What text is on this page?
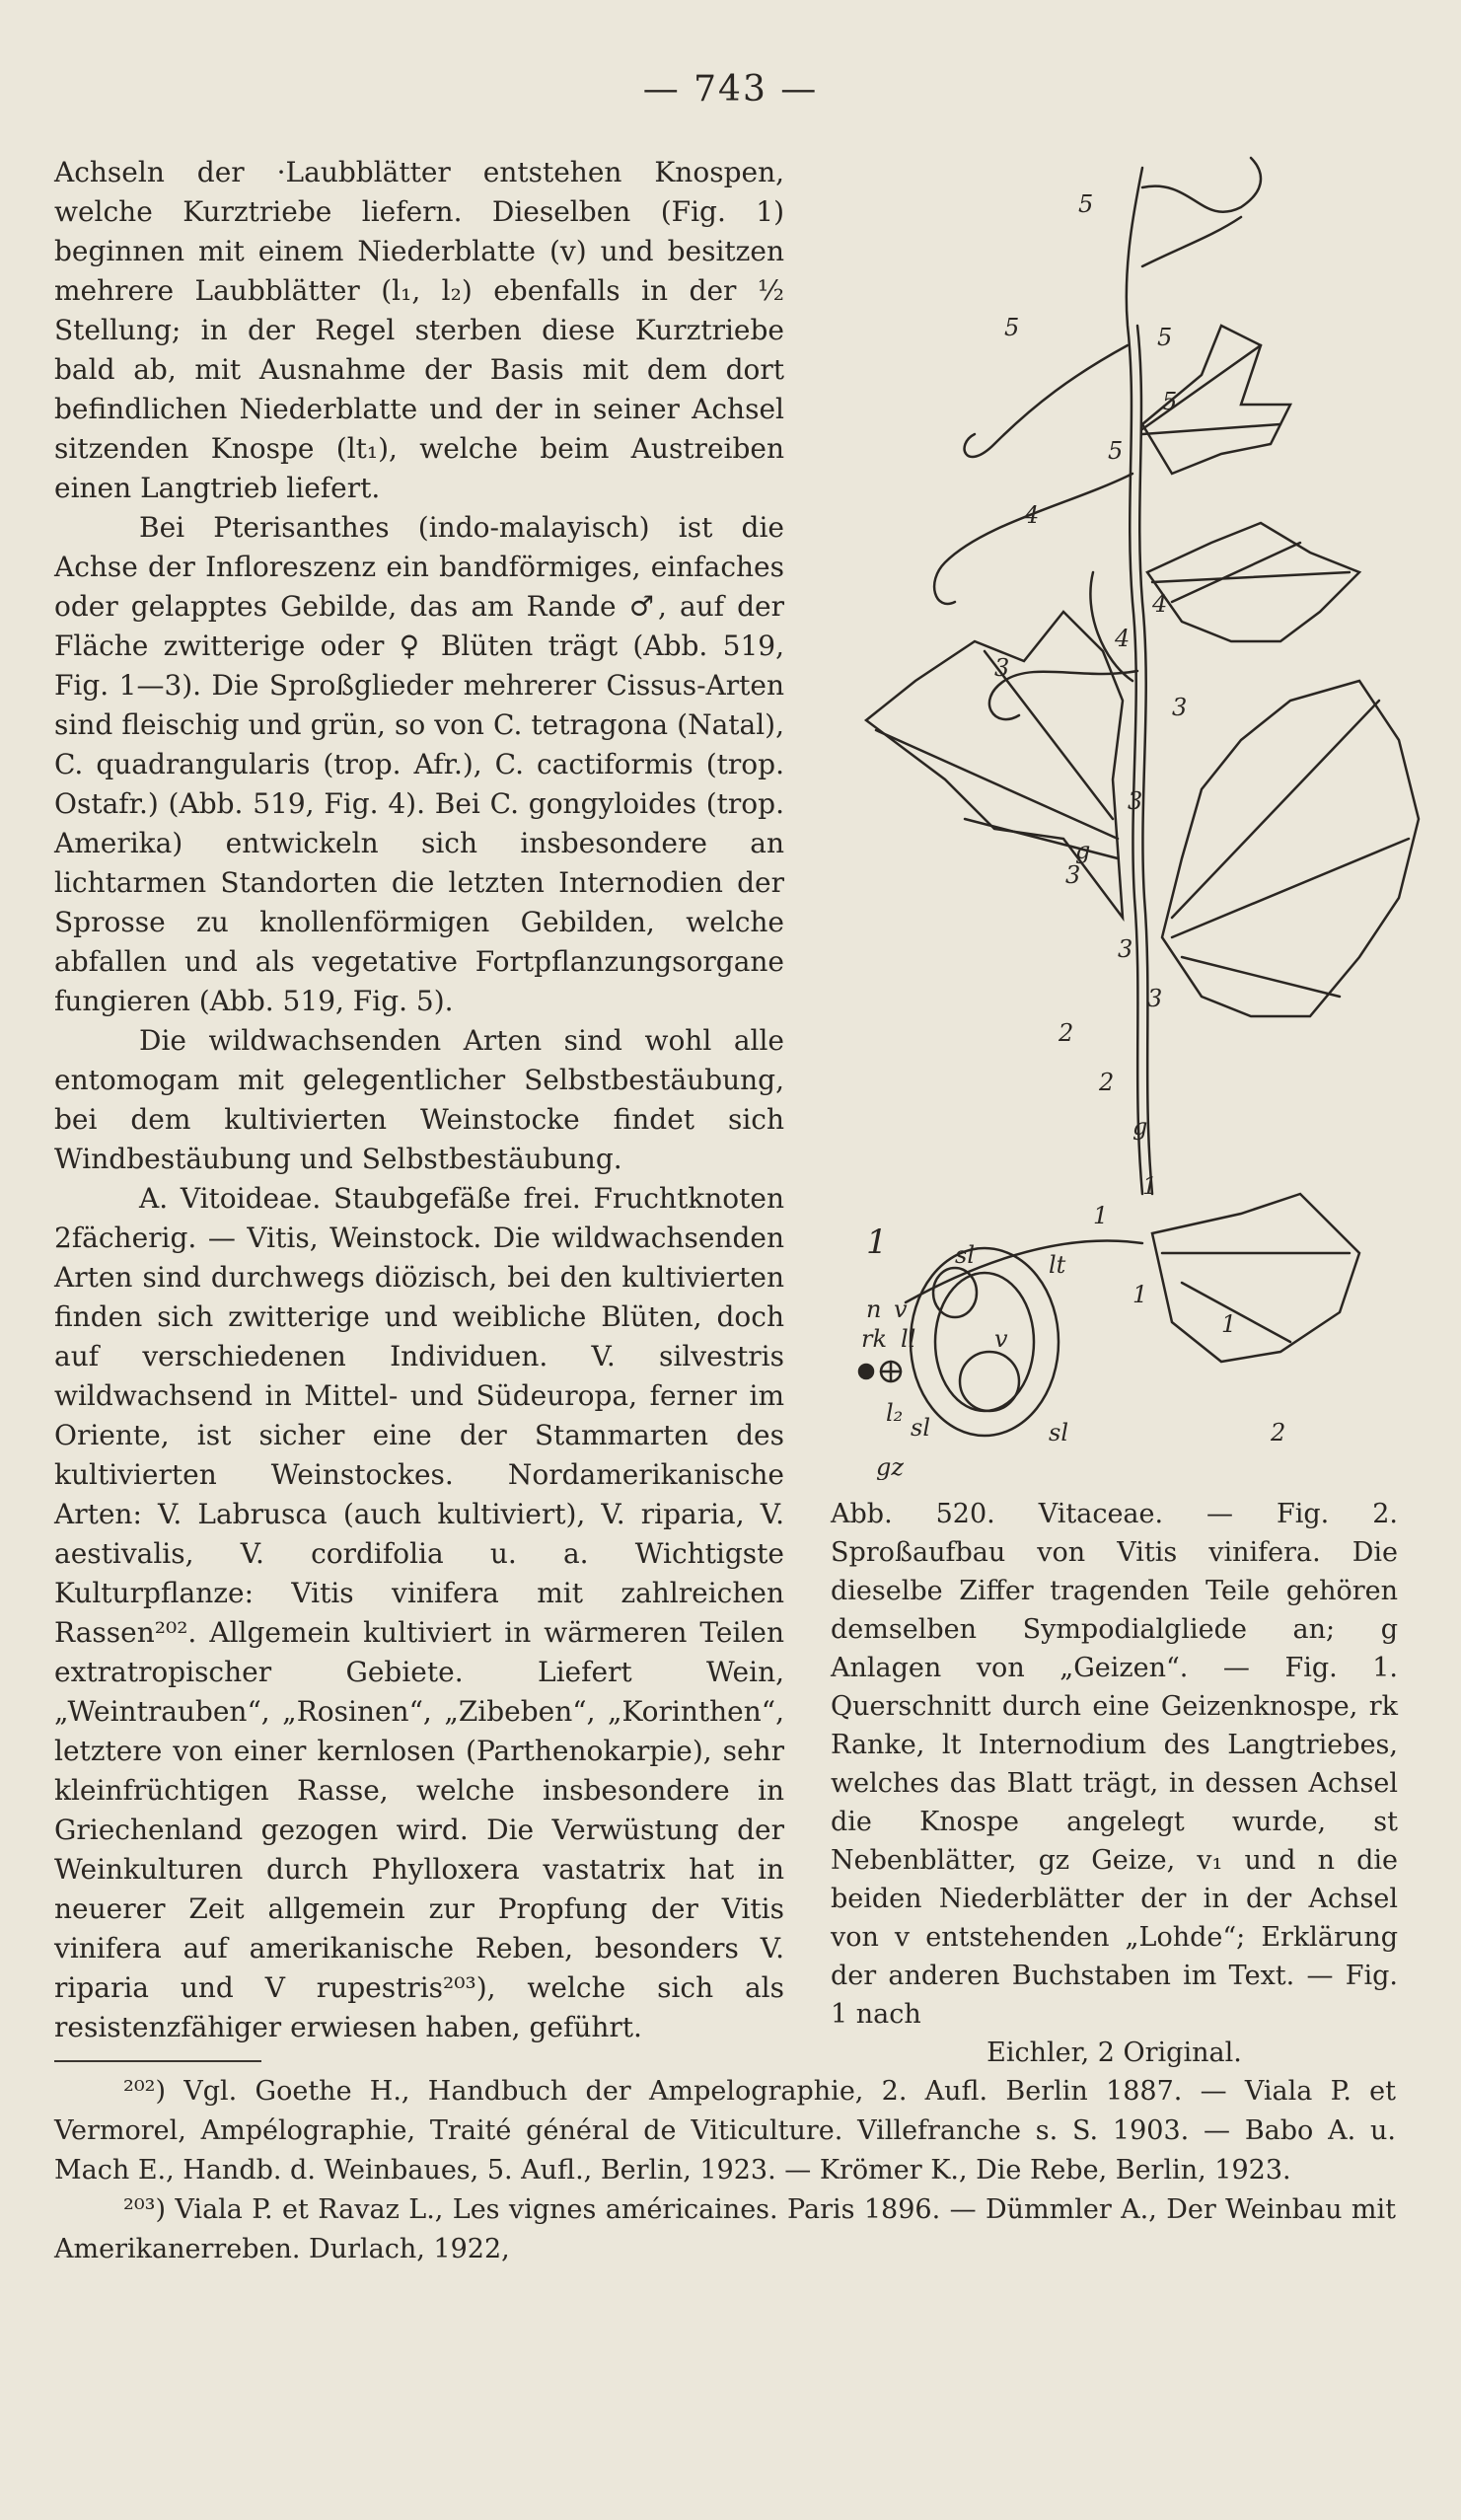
— 743 —

Achseln der ·Laubblätter entstehen Knospen, welche Kurztriebe liefern. Dieselben (Fig. 1) beginnen mit einem Niederblatte (v) und besitzen mehrere Laubblätter (l₁, l₂) ebenfalls in der ½ Stellung; in der Regel sterben diese Kurztriebe bald ab, mit Ausnahme der Basis mit dem dort befindlichen Niederblatte und der in seiner Achsel sitzenden Knospe (lt₁), welche beim Austreiben einen Langtrieb liefert.

Bei Pterisanthes (indo-malayisch) ist die Achse der Infloreszenz ein bandförmiges, einfaches oder gelapptes Gebilde, das am Rande ♂, auf der Fläche zwitterige oder ♀ Blüten trägt (Abb. 519, Fig. 1—3). Die Sproßglieder mehrerer Cissus-Arten sind fleischig und grün, so von C. tetragona (Natal), C. quadrangularis (trop. Afr.), C. cactiformis (trop. Ostafr.) (Abb. 519, Fig. 4). Bei C. gongyloides (trop. Amerika) entwickeln sich insbesondere an lichtarmen Standorten die letzten Internodien der Sprosse zu knollenförmigen Gebilden, welche abfallen und als vegetative Fortpflanzungsorgane fungieren (Abb. 519, Fig. 5).

Die wildwachsenden Arten sind wohl alle entomogam mit gelegentlicher Selbstbestäubung, bei dem kultivierten Weinstocke findet sich Windbestäubung und Selbstbestäubung.

A. Vitoideae. Staubgefäße frei. Fruchtknoten 2fächerig. — Vitis, Weinstock. Die wildwachsenden Arten sind durchwegs diözisch, bei den kultivierten finden sich zwitterige und weibliche Blüten, doch auf verschiedenen Individuen. V. silvestris wildwachsend in Mittel- und Südeuropa, ferner im Oriente, ist sicher eine der Stammarten des kultivierten Weinstockes. Nordamerikanische Arten: V. Labrusca (auch kultiviert), V. riparia, V. aestivalis, V. cordifolia u. a. Wichtigste Kulturpflanze: Vitis vinifera mit zahlreichen Rassen²⁰². Allgemein kultiviert in wärmeren Teilen extratropischer Gebiete. Liefert Wein, „Weintrauben“, „Rosinen“, „Zibeben“, „Korinthen“, letztere von einer kernlosen (Parthenokarpie), sehr kleinfrüchtigen Rasse, welche insbesondere in Griechenland gezogen wird. Die Verwüstung der Weinkulturen durch Phylloxera vastatrix hat in neuerer Zeit allgemein zur Propfung der Vitis vinifera auf amerikanische Reben, besonders V. riparia und V rupestris²⁰³), welche sich als resistenzfähiger erwiesen haben, geführt.

5
5	5
5
5
4
4
4
3
3
3
3
3
3
g
2
2
g
1
1
1
1
2
sl	lt
n v
rk ll	v
l₂
sl	sl
gz
1
Abb. 520. Vitaceae. — Fig. 2. Sproßaufbau von Vitis vinifera. Die dieselbe Ziffer tragenden Teile gehören demselben Sympodialgliede an; g Anlagen von „Geizen“. — Fig. 1. Querschnitt durch eine Geizenknospe, rk Ranke, lt Internodium des Langtriebes, welches das Blatt trägt, in dessen Achsel die Knospe angelegt wurde, st Nebenblätter, gz Geize, v₁ und n die beiden Niederblätter der in der Achsel von v entstehenden „Lohde“; Erklärung der anderen Buchstaben im Text. — Fig. 1 nach
Eichler, 2 Original.

²⁰²) Vgl. Goethe H., Handbuch der Ampelographie, 2. Aufl. Berlin 1887. — Viala P. et Vermorel, Ampélographie, Traité général de Viticulture. Villefranche s. S. 1903. — Babo A. u. Mach E., Handb. d. Weinbaues, 5. Aufl., Berlin, 1923. — Krömer K., Die Rebe, Berlin, 1923.

²⁰³) Viala P. et Ravaz L., Les vignes américaines. Paris 1896. — Dümmler A., Der Weinbau mit Amerikanerreben. Durlach, 1922,
